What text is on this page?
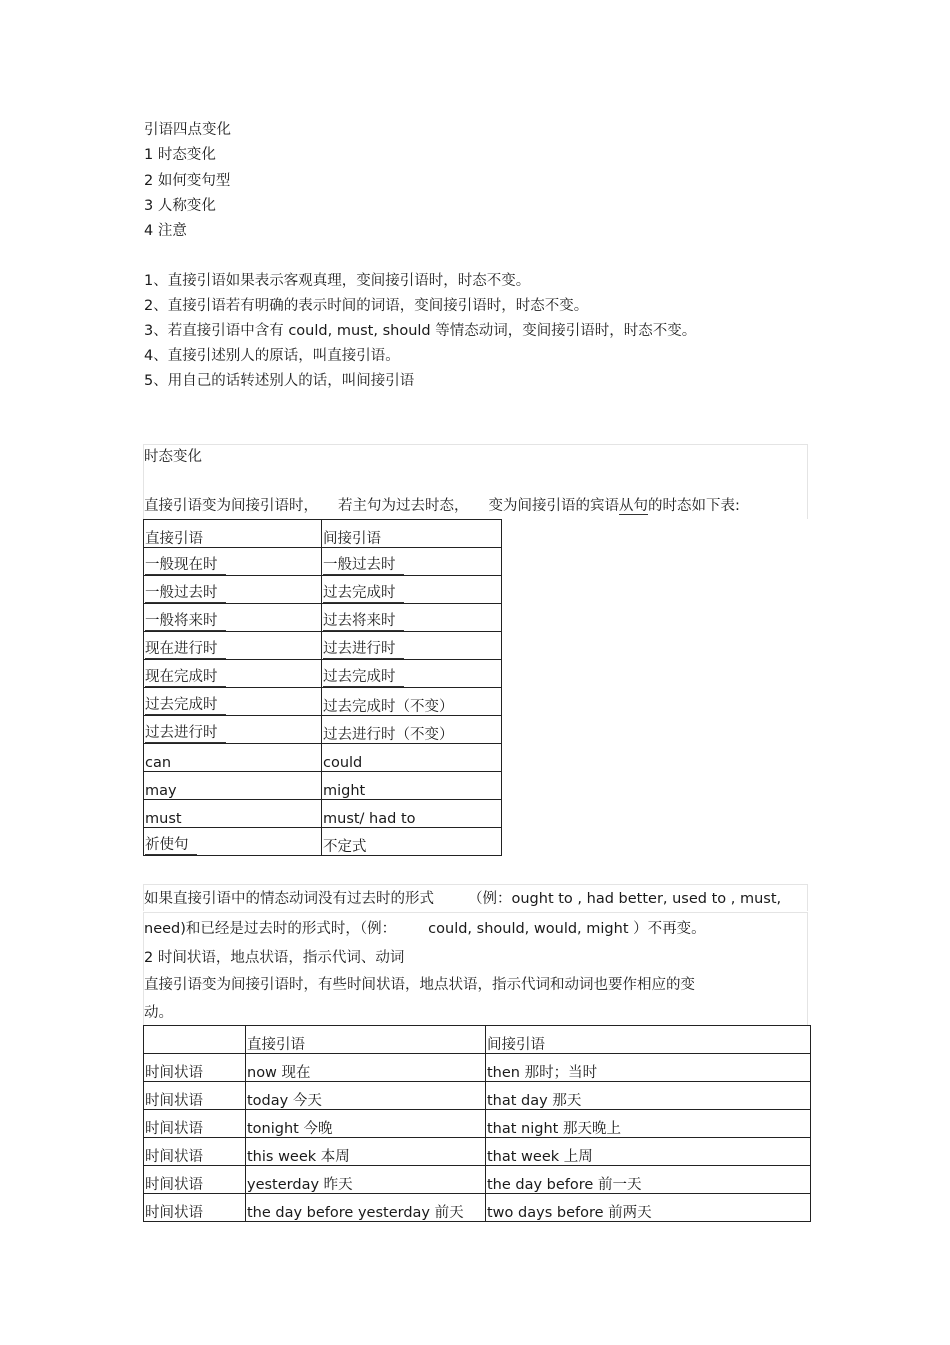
引语四点变化
1 时态变化
2 如何变句型
3 人称变化
4 注意
1、直接引语如果表示客观真理，变间接引语时，时态不变。
2、直接引语若有明确的表示时间的词语，变间接引语时，时态不变。
3、若直接引语中含有 could, must, should 等情态动词，变间接引语时，时态不变。
4、直接引述别人的原话，叫直接引语。
5、用自己的话转述别人的话，叫间接引语
时态变化
直接引语变为间接引语时， 若主句为过去时态， 变为间接引语的宾语从句的时态如下表:
直接引语	间接引语
一般现在时	一般过去时
一般过去时	过去完成时
一般将来时	过去将来时
现在进行时	过去进行时
现在完成时	过去完成时
过去完成时	过去完成时（不变）
过去进行时	过去进行时（不变）
can	could
may	might
must	must/ had to
祈使句	不定式
如果直接引语中的情态动词没有过去时的形式 （例：ought to , had better, used to , must,
need)和已经是过去时的形式时，（例： could, should, would, might ）不再变。
2 时间状语，地点状语，指示代词、动词
直接引语变为间接引语时，有些时间状语，地点状语，指示代词和动词也要作相应的变
动。
	直接引语	间接引语
时间状语	now 现在	then 那时；当时
时间状语	today 今天	that day 那天
时间状语	tonight 今晚	that night 那天晚上
时间状语	this week 本周	that week 上周
时间状语	yesterday 昨天	the day before 前一天
时间状语	the day before yesterday 前天	two days before 前两天
